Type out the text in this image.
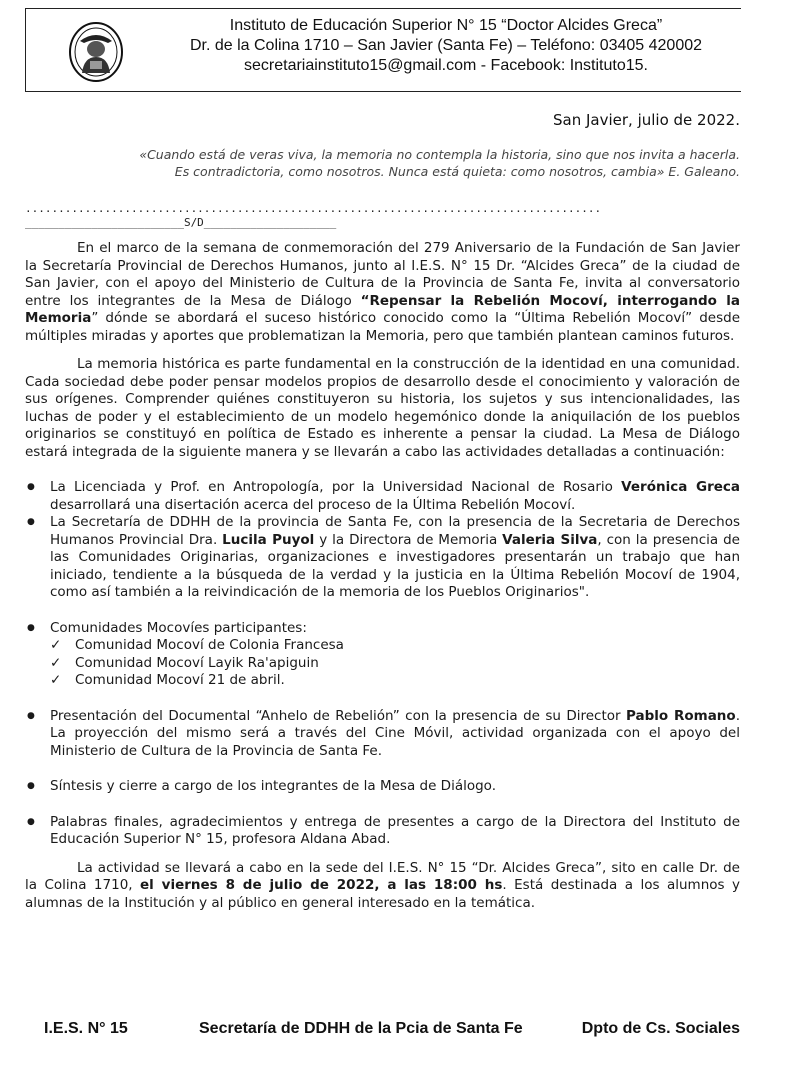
Instituto de Educación Superior N° 15 “Doctor Alcides Greca”
Dr. de la Colina 1710 – San Javier (Santa Fe) – Teléfono: 03405 420002
secretariainstituto15@gmail.com - Facebook: Instituto15.
San Javier, julio de 2022.
«Cuando está de veras viva, la memoria no contempla la historia, sino que nos invita a hacerla.
Es contradictoria, como nosotros. Nunca está quieta: como nosotros, cambia» E. Galeano.
.......................................................................................
________________________S/D____________________
En el marco de la semana de conmemoración del 279 Aniversario de la Fundación de San Javier la Secretaría Provincial de Derechos Humanos, junto al I.E.S. N° 15 Dr. “Alcides Greca” de la ciudad de San Javier, con el apoyo del Ministerio de Cultura de la Provincia de Santa Fe, invita al conversatorio entre los integrantes de la Mesa de Diálogo “Repensar la Rebelión Mocoví, interrogando la Memoria” dónde se abordará el suceso histórico conocido como la “Última Rebelión Mocoví” desde múltiples miradas y aportes que problematizan la Memoria, pero que también plantean caminos futuros.
La memoria histórica es parte fundamental en la construcción de la identidad en una comunidad. Cada sociedad debe poder pensar modelos propios de desarrollo desde el conocimiento y valoración de sus orígenes. Comprender quiénes constituyeron su historia, los sujetos y sus intencionalidades, las luchas de poder y el establecimiento de un modelo hegemónico donde la aniquilación de los pueblos originarios se constituyó en política de Estado es inherente a pensar la ciudad. La Mesa de Diálogo estará integrada de la siguiente manera y se llevarán a cabo las actividades detalladas a continuación:
● La Licenciada y Prof. en Antropología, por la Universidad Nacional de Rosario Verónica Greca desarrollará una disertación acerca del proceso de la Última Rebelión Mocoví.
● La Secretaría de DDHH de la provincia de Santa Fe, con la presencia de la Secretaria de Derechos Humanos Provincial Dra. Lucila Puyol y la Directora de Memoria Valeria Silva, con la presencia de las Comunidades Originarias, organizaciones e investigadores presentarán un trabajo que han iniciado, tendiente a la búsqueda de la verdad y la justicia en la Última Rebelión Mocoví de 1904, como así también a la reivindicación de la memoria de los Pueblos Originarios".
● Comunidades Mocovíes participantes:
✓ Comunidad Mocoví de Colonia Francesa
✓ Comunidad Mocoví Layik Ra'apiguin
✓ Comunidad Mocoví 21 de abril.
● Presentación del Documental “Anhelo de Rebelión” con la presencia de su Director Pablo Romano. La proyección del mismo será a través del Cine Móvil, actividad organizada con el apoyo del Ministerio de Cultura de la Provincia de Santa Fe.
● Síntesis y cierre a cargo de los integrantes de la Mesa de Diálogo.
● Palabras finales, agradecimientos y entrega de presentes a cargo de la Directora del Instituto de Educación Superior N° 15, profesora Aldana Abad.
La actividad se llevará a cabo en la sede del I.E.S. N° 15 “Dr. Alcides Greca”, sito en calle Dr. de la Colina 1710, el viernes 8 de julio de 2022, a las 18:00 hs. Está destinada a los alumnos y alumnas de la Institución y al público en general interesado en la temática.
I.E.S. N° 15	Secretaría de DDHH de la Pcia de Santa Fe	Dpto de Cs. Sociales
